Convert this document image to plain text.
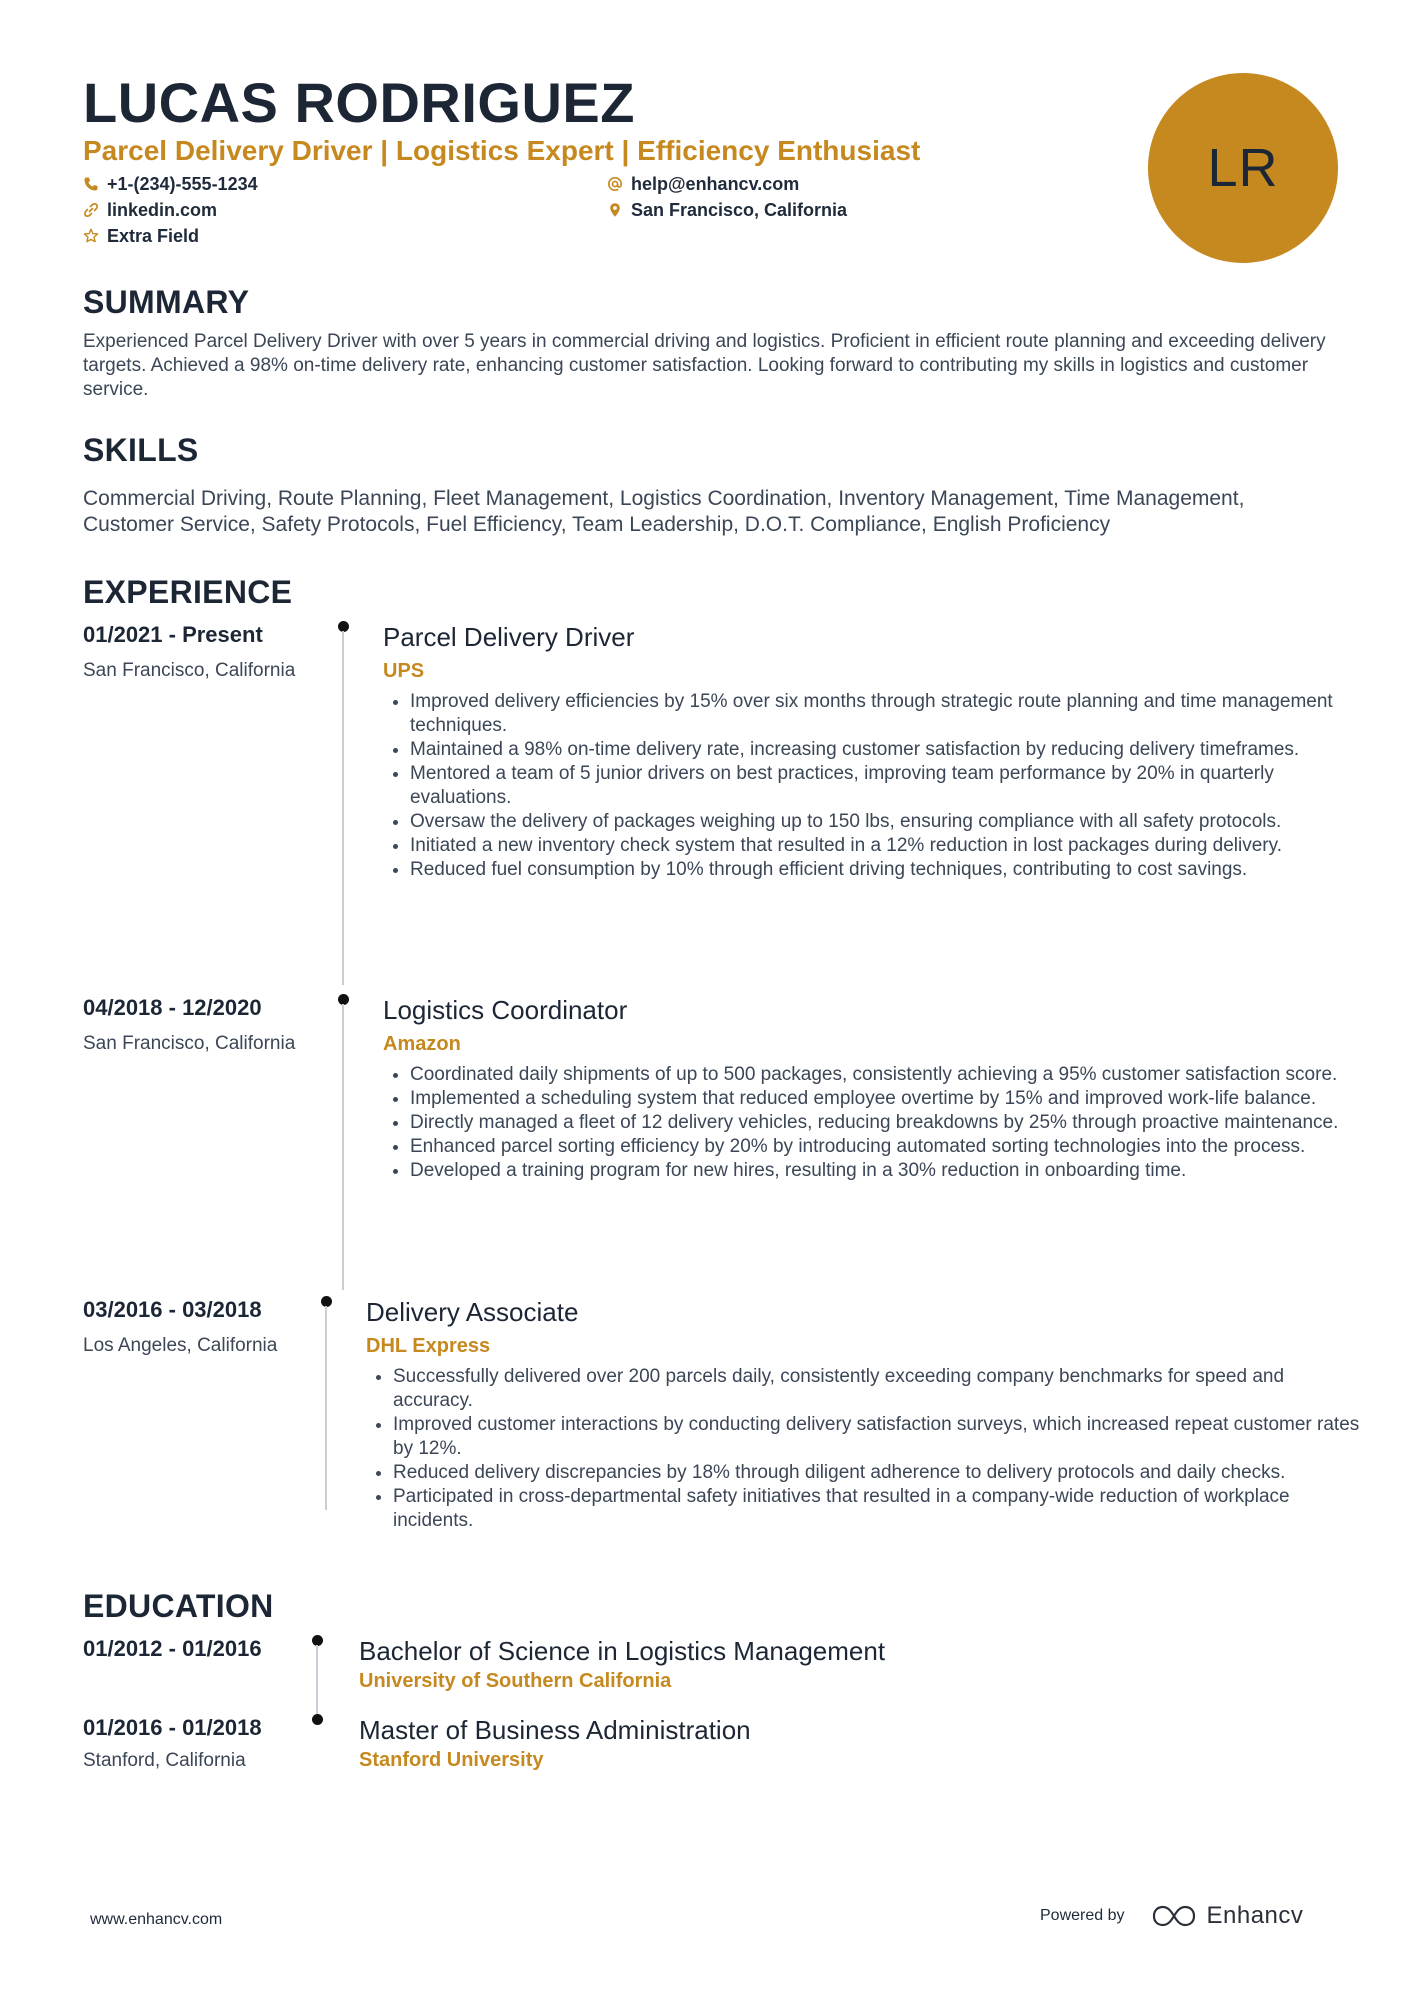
LUCAS RODRIGUEZ
Parcel Delivery Driver | Logistics Expert | Efficiency Enthusiast
+1-(234)-555-1234	help@enhancv.com
linkedin.com	San Francisco, California
Extra Field
LR
SUMMARY

Experienced Parcel Delivery Driver with over 5 years in commercial driving and logistics. Proficient in efficient route planning and exceeding delivery targets. Achieved a 98% on-time delivery rate, enhancing customer satisfaction. Looking forward to contributing my skills in logistics and customer service.

SKILLS

Commercial Driving, Route Planning, Fleet Management, Logistics Coordination, Inventory Management, Time Management, Customer Service, Safety Protocols, Fuel Efficiency, Team Leadership, D.O.T. Compliance, English Proficiency

EXPERIENCE
01/2021 - Present
San Francisco, California
Parcel Delivery Driver
UPS
• Improved delivery efficiencies by 15% over six months through strategic route planning and time management techniques.
• Maintained a 98% on-time delivery rate, increasing customer satisfaction by reducing delivery timeframes.
• Mentored a team of 5 junior drivers on best practices, improving team performance by 20% in quarterly evaluations.
• Oversaw the delivery of packages weighing up to 150 lbs, ensuring compliance with all safety protocols.
• Initiated a new inventory check system that resulted in a 12% reduction in lost packages during delivery.
• Reduced fuel consumption by 10% through efficient driving techniques, contributing to cost savings.
04/2018 - 12/2020
San Francisco, California
Logistics Coordinator
Amazon
• Coordinated daily shipments of up to 500 packages, consistently achieving a 95% customer satisfaction score.
• Implemented a scheduling system that reduced employee overtime by 15% and improved work-life balance.
• Directly managed a fleet of 12 delivery vehicles, reducing breakdowns by 25% through proactive maintenance.
• Enhanced parcel sorting efficiency by 20% by introducing automated sorting technologies into the process.
• Developed a training program for new hires, resulting in a 30% reduction in onboarding time.
03/2016 - 03/2018
Los Angeles, California
Delivery Associate
DHL Express
• Successfully delivered over 200 parcels daily, consistently exceeding company benchmarks for speed and accuracy.
• Improved customer interactions by conducting delivery satisfaction surveys, which increased repeat customer rates by 12%.
• Reduced delivery discrepancies by 18% through diligent adherence to delivery protocols and daily checks.
• Participated in cross-departmental safety initiatives that resulted in a company-wide reduction of workplace incidents.
EDUCATION
01/2012 - 01/2016	Bachelor of Science in Logistics Management
University of Southern California
01/2016 - 01/2018
Stanford, California
Master of Business Administration
Stanford University
www.enhancv.com	Powered by	Enhancv
